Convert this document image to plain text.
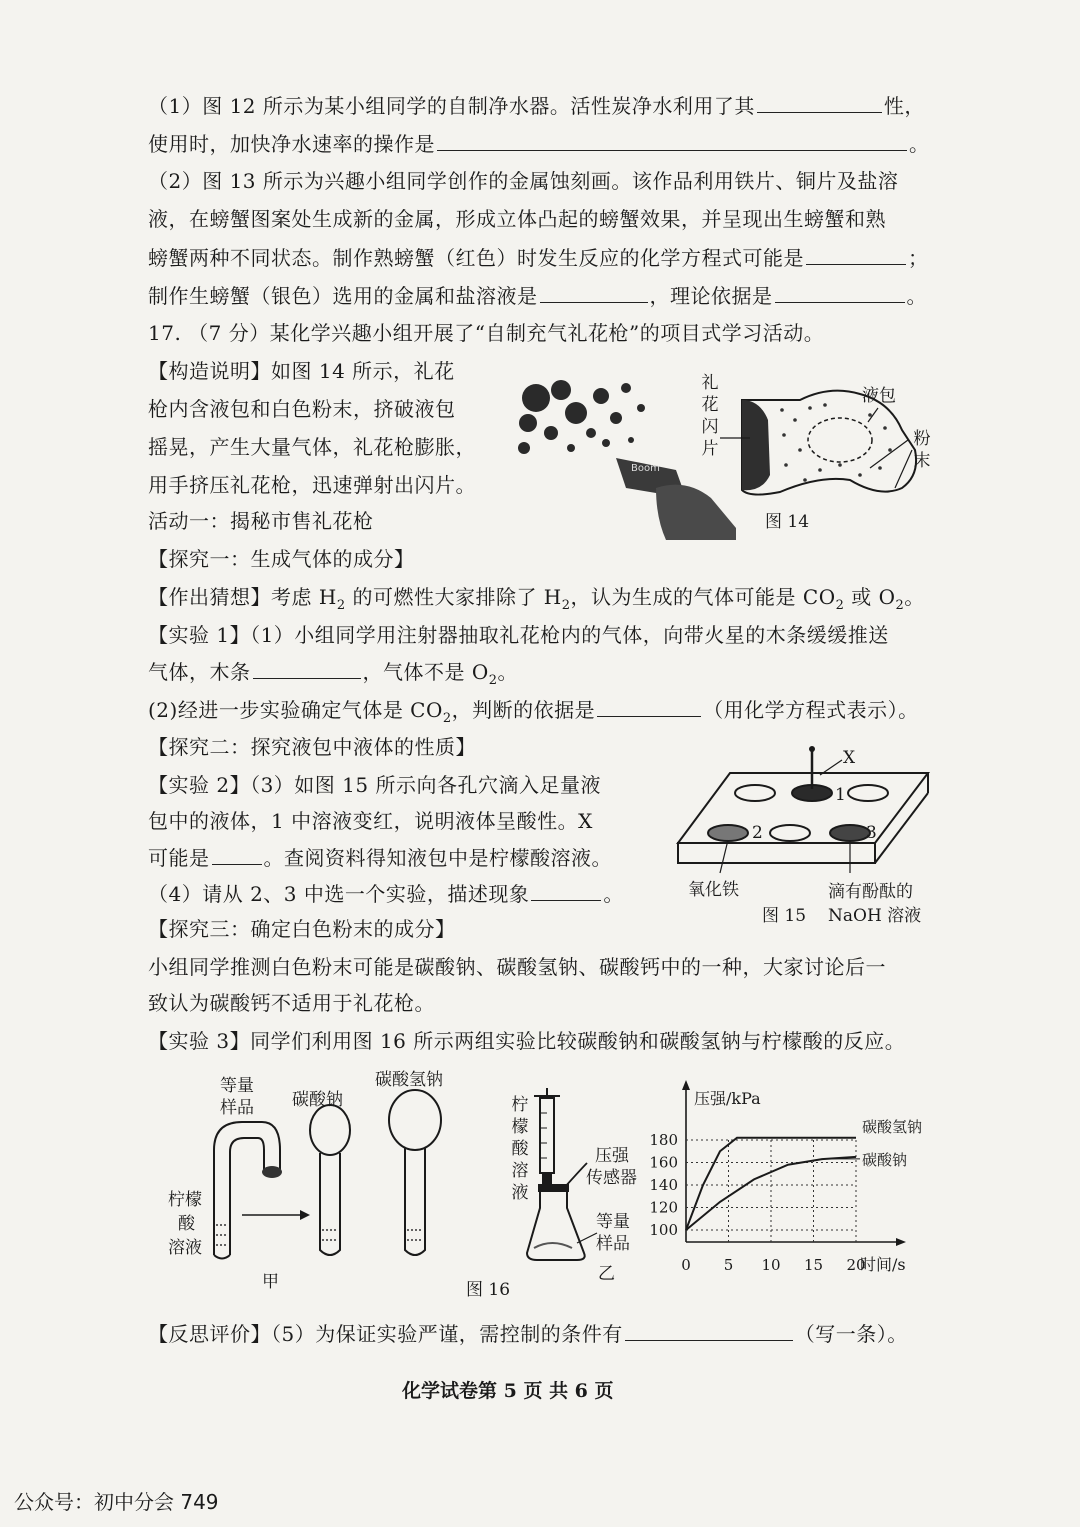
（1）图 12 所示为某小组同学的自制净水器。活性炭净水利用了其	性，
使用时，加快净水速率的操作是	。
（2）图 13 所示为兴趣小组同学创作的金属蚀刻画。该作品利用铁片、铜片及盐溶
液，在螃蟹图案处生成新的金属，形成立体凸起的螃蟹效果，并呈现出生螃蟹和熟
螃蟹两种不同状态。制作熟螃蟹（红色）时发生反应的化学方程式可能是	；
制作生螃蟹（银色）选用的金属和盐溶液是	，理论依据是	。
17. （7 分）某化学兴趣小组开展了“自制充气礼花枪”的项目式学习活动。
【构造说明】如图 14 所示，礼花
枪内含液包和白色粉末，挤破液包
摇晃，产生大量气体，礼花枪膨胀，
用手挤压礼花枪，迅速弹射出闪片。
活动一：揭秘市售礼花枪
Boom
礼花闪片
液包
粉末
图 14
【探究一：生成气体的成分】
【作出猜想】考虑 $H_2$ 的可燃性大家排除了 $H_2$，认为生成的气体可能是 $CO_2$ 或 $O_2$。
【实验 1】（1）小组同学用注射器抽取礼花枪内的气体，向带火星的木条缓缓推送
气体，木条	，气体不是 $O_2$。
(2)经进一步实验确定气体是 $CO_2$，判断的依据是	（用化学方程式表示）。
【探究二：探究液包中液体的性质】
【实验 2】（3）如图 15 所示向各孔穴滴入足量液
包中的液体，1 中溶液变红，说明液体呈酸性。X
可能是	。查阅资料得知液包中是柠檬酸溶液。
（4）请从 2、3 中选一个实验，描述现象	。
X
1
2	3
氧化铁	滴有酚酞的
NaOH 溶液
图 15
【探究三：确定白色粉末的成分】
小组同学推测白色粉末可能是碳酸钠、碳酸氢钠、碳酸钙中的一种，大家讨论后一
致认为碳酸钙不适用于礼花枪。
【实验 3】同学们利用图 16 所示两组实验比较碳酸钠和碳酸氢钠与柠檬酸的反应。
等量
样品 碳酸钠
碳酸氢钠
柠檬
酸
溶液
甲
柠檬酸溶液
压强
传感器
等量
样品
乙
图 16
100
120
140
160
180
0 5 10 15 20
压强/kPa
时间/s
碳酸氢钠
碳酸钠
【反思评价】（5）为保证实验严谨，需控制的条件有	（写一条）。
化学试卷第 5 页 共 6 页
公众号：初中分会 749
